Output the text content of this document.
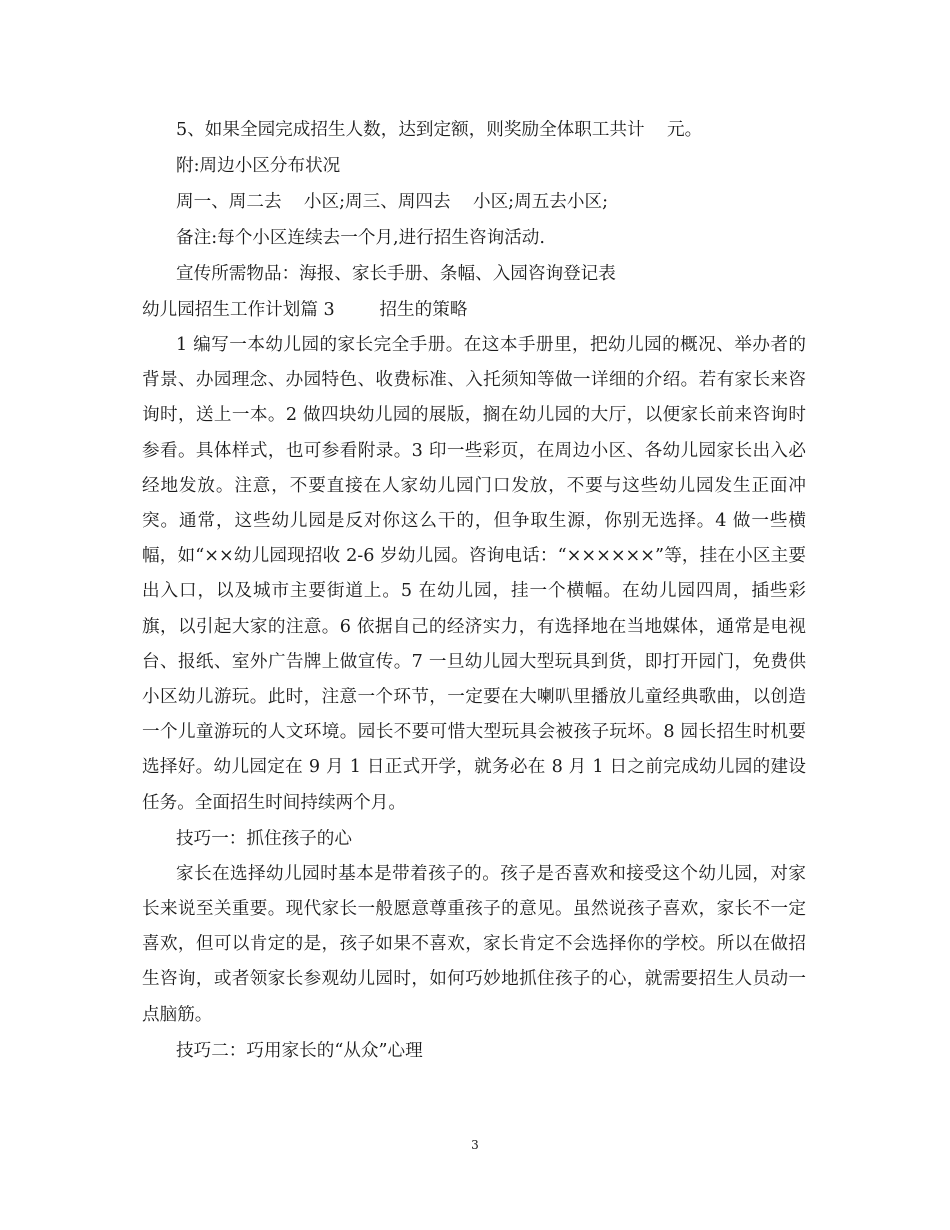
5、如果全园完成招生人数，达到定额，则奖励全体职工共计    元。

附:周边小区分布状况

周一、周二去    小区;周三、周四去    小区;周五去小区;

备注:每个小区连续去一个月,进行招生咨询活动.

宣传所需物品：海报、家长手册、条幅、入园咨询登记表

幼儿园招生工作计划篇 3        招生的策略

1 编写一本幼儿园的家长完全手册。在这本手册里，把幼儿园的概况、举办者的背景、办园理念、办园特色、收费标准、入托须知等做一详细的介绍。若有家长来咨询时，送上一本。2 做四块幼儿园的展版，搁在幼儿园的大厅，以便家长前来咨询时参看。具体样式，也可参看附录。3 印一些彩页，在周边小区、各幼儿园家长出入必经地发放。注意，不要直接在人家幼儿园门口发放，不要与这些幼儿园发生正面冲突。通常，这些幼儿园是反对你这么干的，但争取生源，你别无选择。4 做一些横幅，如“××幼儿园现招收 2-6 岁幼儿园。咨询电话：“××××××”等，挂在小区主要出入口，以及城市主要街道上。5 在幼儿园，挂一个横幅。在幼儿园四周，插些彩旗，以引起大家的注意。6 依据自己的经济实力，有选择地在当地媒体，通常是电视台、报纸、室外广告牌上做宣传。7 一旦幼儿园大型玩具到货，即打开园门，免费供小区幼儿游玩。此时，注意一个环节，一定要在大喇叭里播放儿童经典歌曲，以创造一个儿童游玩的人文环境。园长不要可惜大型玩具会被孩子玩坏。8 园长招生时机要选择好。幼儿园定在 9 月 1 日正式开学，就务必在 8 月 1 日之前完成幼儿园的建设任务。全面招生时间持续两个月。

技巧一：抓住孩子的心

家长在选择幼儿园时基本是带着孩子的。孩子是否喜欢和接受这个幼儿园，对家长来说至关重要。现代家长一般愿意尊重孩子的意见。虽然说孩子喜欢，家长不一定喜欢，但可以肯定的是，孩子如果不喜欢，家长肯定不会选择你的学校。所以在做招生咨询，或者领家长参观幼儿园时，如何巧妙地抓住孩子的心，就需要招生人员动一点脑筋。

技巧二：巧用家长的“从众”心理

3
